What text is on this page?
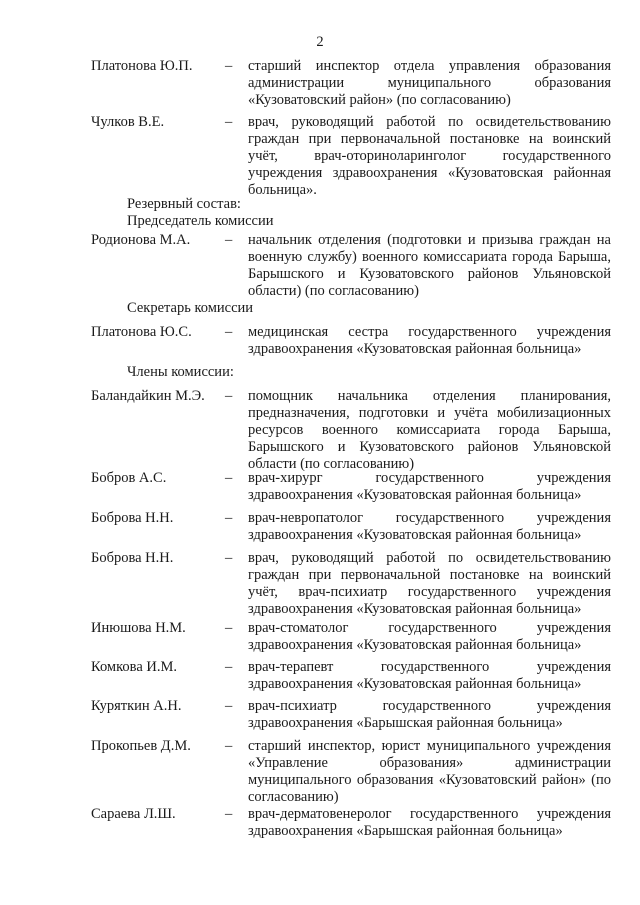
2
Платонова Ю.П. – старший инспектор отдела управления образования администрации муниципального образования «Кузоватовский район» (по согласованию)
Чулков В.Е.	– врач, руководящий работой по освидетельствованию граждан при первоначальной постановке на воинский учёт, врач-оториноларинголог государственного учреждения здравоохранения «Кузоватовская районная больница».
Резервный состав:
Председатель комиссии
Родионова М.А. – начальник отделения (подготовки и призыва граждан на военную службу) военного комиссариата города Барыша, Барышского и Кузоватовского районов Ульяновской области) (по согласованию)
Секретарь комиссии
Платонова Ю.С. – медицинская сестра государственного учреждения здравоохранения «Кузоватовская районная больница»
Члены комиссии:
Баландайкин М.Э. – помощник начальника отделения планирования, предназначения, подготовки и учёта мобилизационных ресурсов военного комиссариата города Барыша, Барышского и Кузоватовского районов Ульяновской области (по согласованию)
Бобров А.С.	– врач-хирург государственного учреждения здравоохранения «Кузоватовская районная больница»
Боброва Н.Н.	– врач-невропатолог государственного учреждения здравоохранения «Кузоватовская районная больница»
Боброва Н.Н.	– врач, руководящий работой по освидетельствованию граждан при первоначальной постановке на воинский учёт, врач-психиатр государственного учреждения здравоохранения «Кузоватовская районная больница»
Инюшова Н.М.	– врач-стоматолог государственного учреждения здравоохранения «Кузоватовская районная больница»
Комкова И.М.	– врач-терапевт государственного учреждения здравоохранения «Кузоватовская районная больница»
Куряткин А.Н.	– врач-психиатр государственного учреждения здравоохранения «Барышская районная больница»
Прокопьев Д.М. – старший инспектор, юрист муниципального учреждения «Управление образования» администрации муниципального образования «Кузоватовский район» (по согласованию)
Сараева Л.Ш.	– врач-дерматовенеролог государственного учреждения здравоохранения «Барышская районная больница»
